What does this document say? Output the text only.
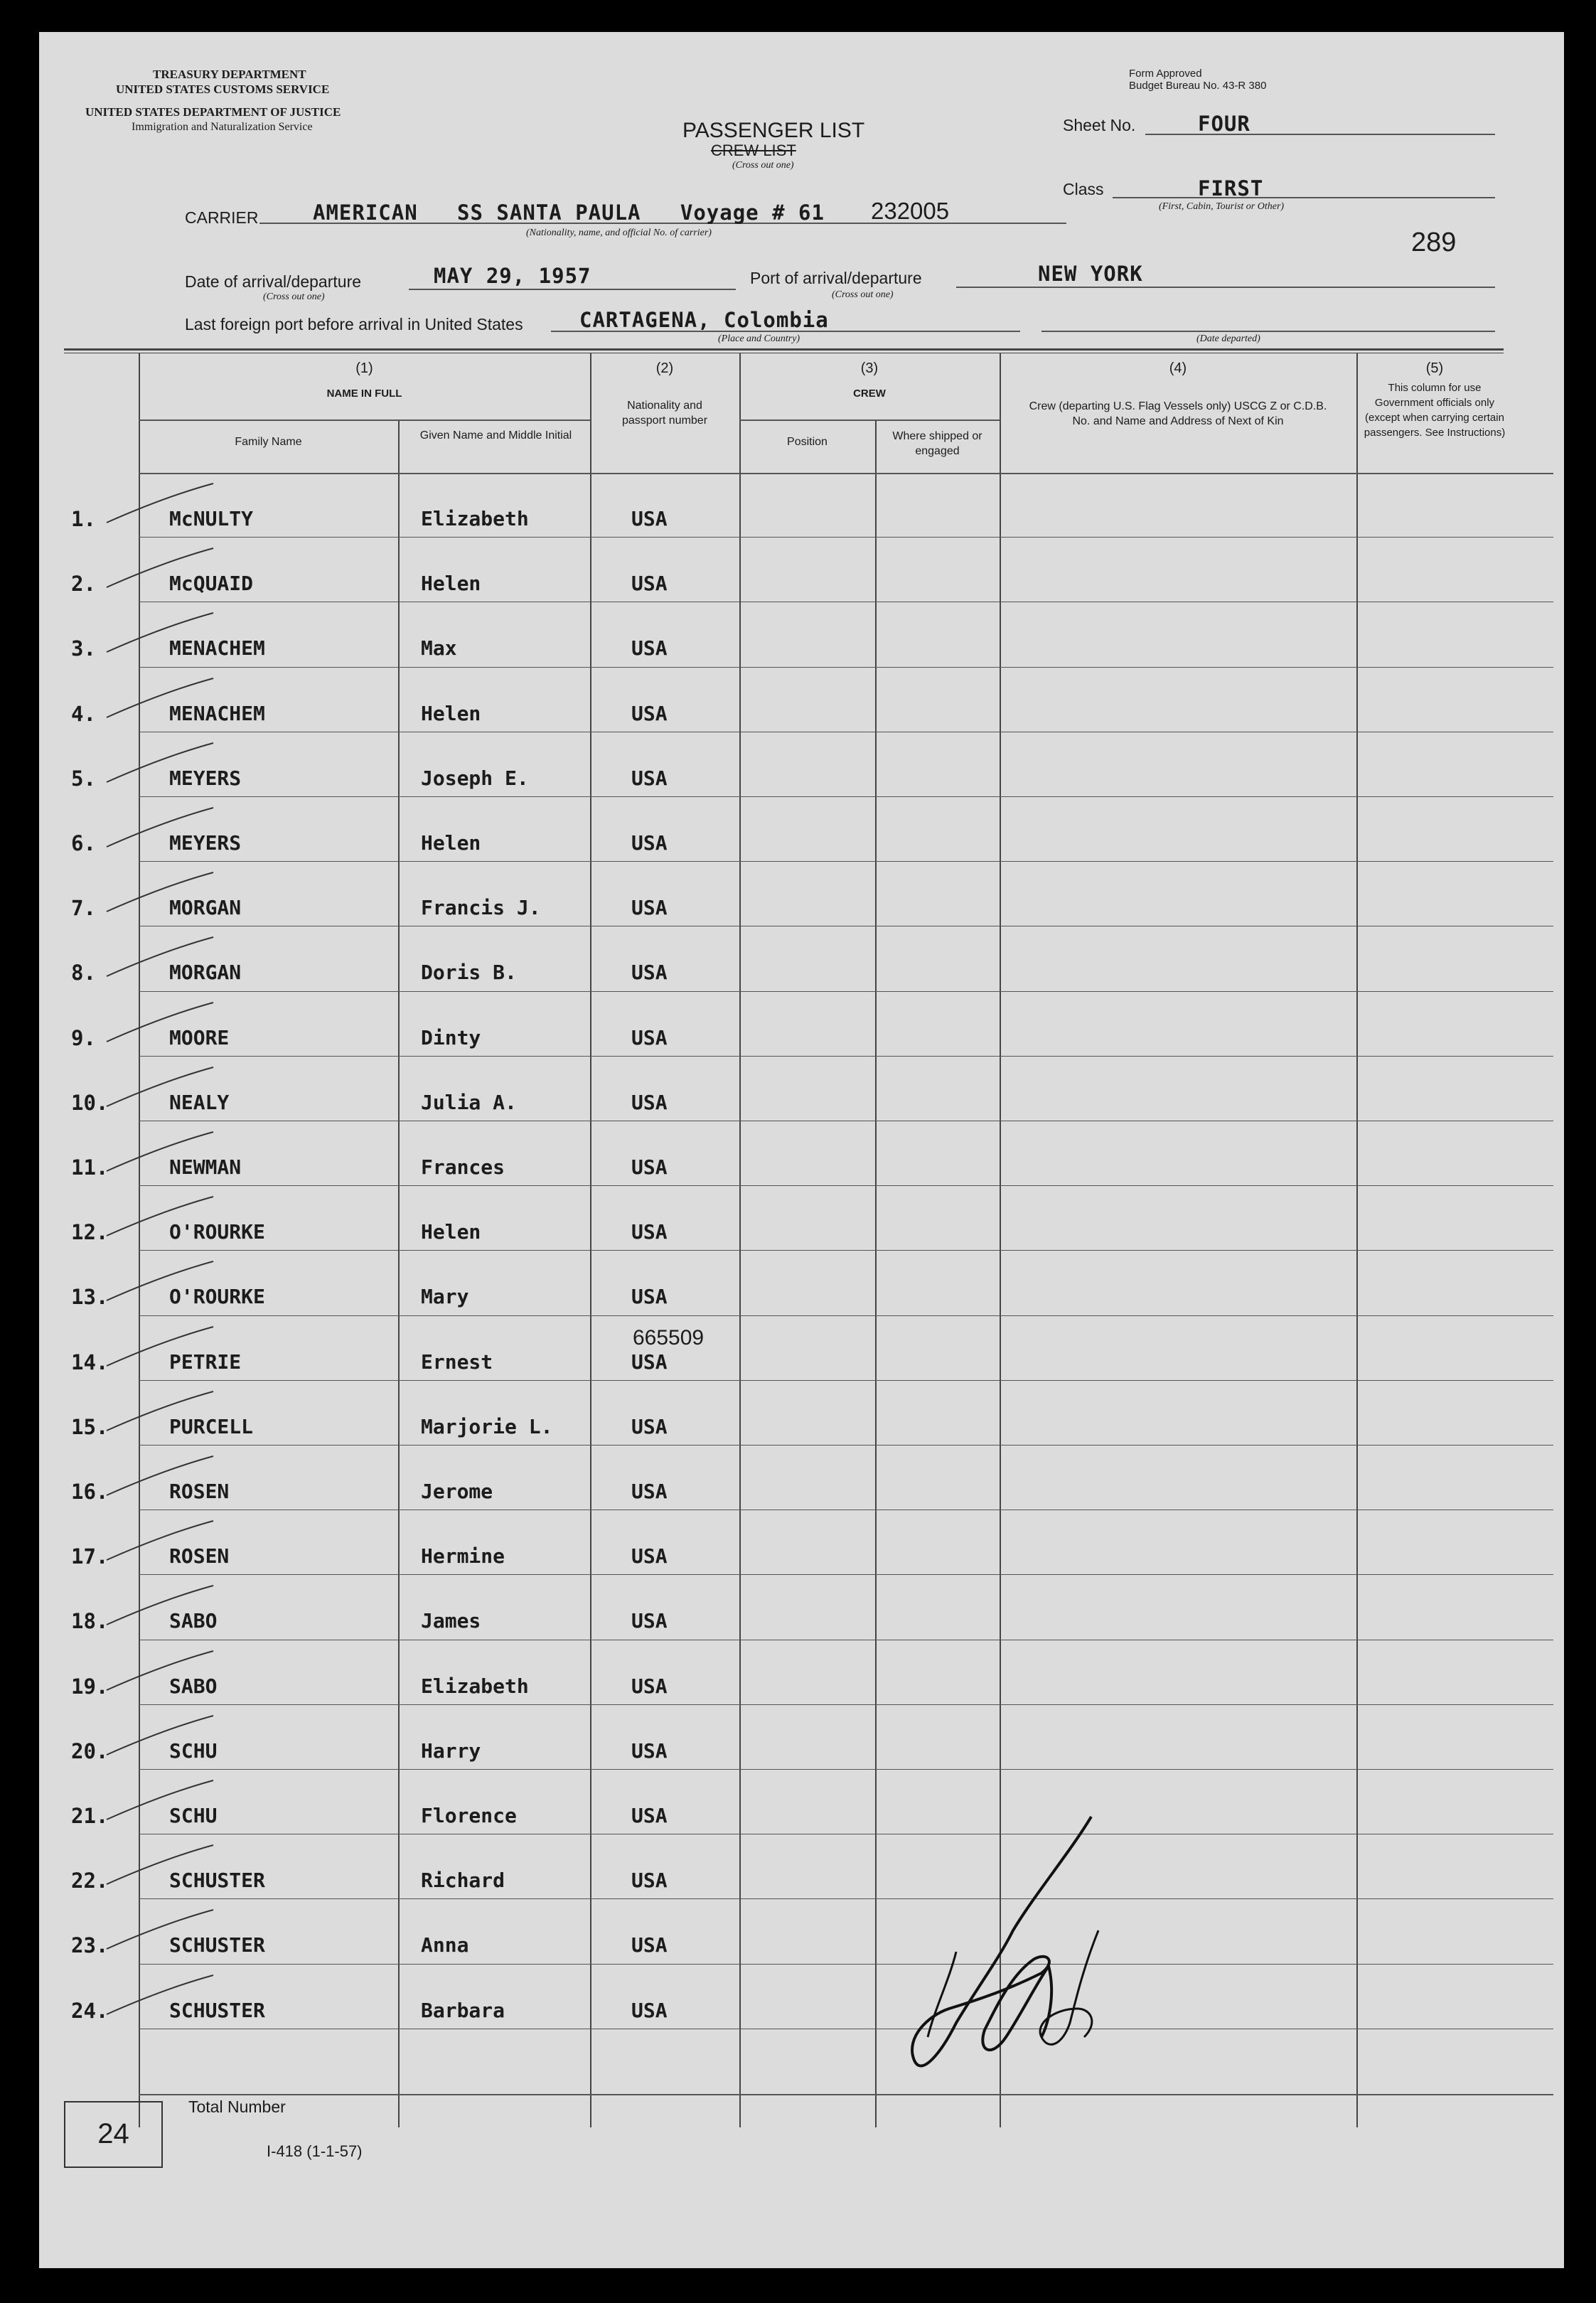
TREASURY DEPARTMENT
UNITED STATES CUSTOMS SERVICE
UNITED STATES DEPARTMENT OF JUSTICE
Immigration and Naturalization Service	PASSENGER LIST
CREW LIST
(Cross out one)
Form Approved
Budget Bureau No. 43-R 380
Sheet No.	FOUR
Class	FIRST
(First, Cabin, Tourist or Other)
289
CARRIER	AMERICAN   SS SANTA PAULA   Voyage # 61 232005
(Nationality, name, and official No. of carrier)
Date of arrival/departure	MAY 29, 1957
(Cross out one)
Port of arrival/departure	NEW YORK
(Cross out one)
Last foreign port before arrival in United States	CARTAGENA, Colombia
(Place and Country)	(Date departed)
(1)
NAME IN FULL
Family Name
Given Name and Middle Initial
(2)
Nationality and passport number
(3)
CREW
Position	Where shipped or engaged
(4)
Crew (departing U.S. Flag Vessels only) USCG Z or C.D.B. No. and Name and Address of Next of Kin
(5)
This column for use Government officials only (except when carrying certain passengers. See Instructions)
1.	McNULTY	Elizabeth	USA
2.	McQUAID	Helen	USA
3.	MENACHEM	Max	USA
4.	MENACHEM	Helen	USA
5.	MEYERS	Joseph E.	USA
6.	MEYERS	Helen	USA
7.	MORGAN	Francis J.	USA
8.	MORGAN	Doris B.	USA
9.	MOORE	Dinty	USA
10.	NEALY	Julia A.	USA
11.	NEWMAN	Frances	USA
12.	O'ROURKE	Helen	USA
13.	O'ROURKE	Mary	USA
14.	PETRIE	Ernest	USA
665509
15.	PURCELL	Marjorie L.	USA
16.	ROSEN	Jerome	USA
17.	ROSEN	Hermine	USA
18.	SABO	James	USA
19.	SABO	Elizabeth	USA
20.	SCHU	Harry	USA
21.	SCHU	Florence	USA
22.	SCHUSTER	Richard	USA
23.	SCHUSTER	Anna	USA
24.	SCHUSTER	Barbara	USA
24
Total Number
I-418 (1-1-57)
